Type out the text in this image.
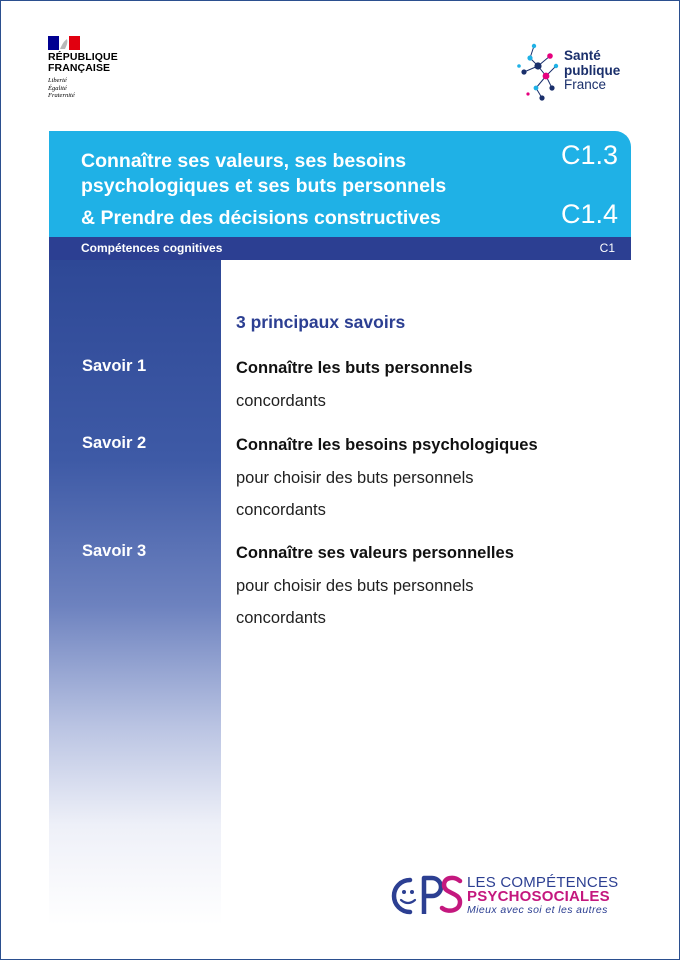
RÉPUBLIQUE
FRANÇAISE
Liberté
Égalité
Fraternité
Santé
publique
France
Connaître ses valeurs, ses besoins
psychologiques et ses buts personnels
& Prendre des décisions constructives
C1.3
C1.4
Compétences cognitives	C1
3 principaux savoirs
Savoir 1	Connaître les buts personnels
concordants
Savoir 2	Connaître les besoins psychologiques
pour choisir des buts personnels
concordants
Savoir 3	Connaître ses valeurs personnelles
pour choisir des buts personnels
concordants
LES COMPÉTENCES
PSYCHOSOCIALES
Mieux avec soi et les autres
